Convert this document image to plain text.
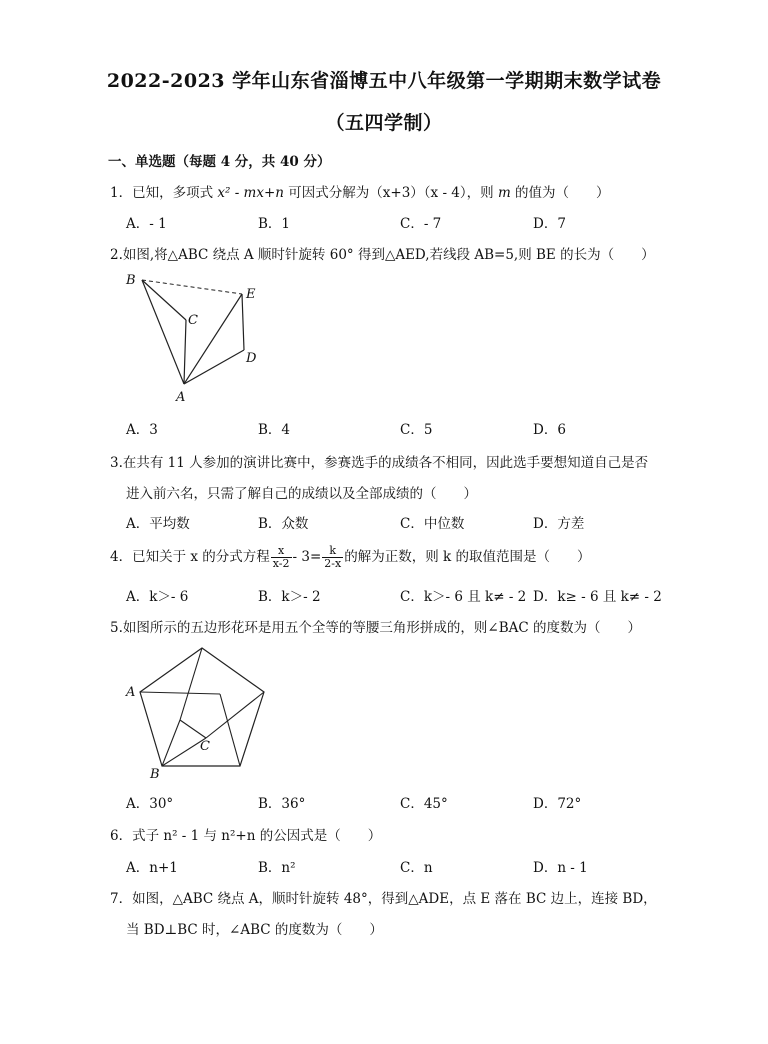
2022-2023 学年山东省淄博五中八年级第一学期期末数学试卷
（五四学制）
一、单选题（每题 4 分，共 40 分）
1．已知，多项式 x² - mx+n 可因式分解为（x+3）（x - 4），则 m 的值为（　　）
A．- 1	B．1	C．- 7	D．7
2.如图,将△ABC 绕点 A 顺时针旋转 60° 得到△AED,若线段 AB=5,则 BE 的长为（　　）
B
C
E
D
A
A．3	B．4	C．5	D．6
3.在共有 11 人参加的演讲比赛中，参赛选手的成绩各不相同，因此选手要想知道自己是否
进入前六名，只需了解自己的成绩以及全部成绩的（　　）
A．平均数	B．众数	C．中位数	D．方差
4．已知关于 x 的分式方程 $\frac{x}{x-2} - 3= \frac{k}{2-x}$ 的解为正数，则 k 的取值范围是（　　）
A．k＞- 6	B．k＞- 2	C．k＞- 6 且 k≠ - 2 D．k≥ - 6 且 k≠ - 2
5.如图所示的五边形花环是用五个全等的等腰三角形拼成的，则∠BAC 的度数为（　　）
A
B
C
A．30°	B．36°	C．45°	D．72°
6．式子 n² - 1 与 n²+n 的公因式是（　　）
A．n+1	B．n²	C．n	D．n - 1
7．如图，△ABC 绕点 A，顺时针旋转 48°，得到△ADE，点 E 落在 BC 边上，连接 BD，
当 BD⊥BC 时，∠ABC 的度数为（　　）
